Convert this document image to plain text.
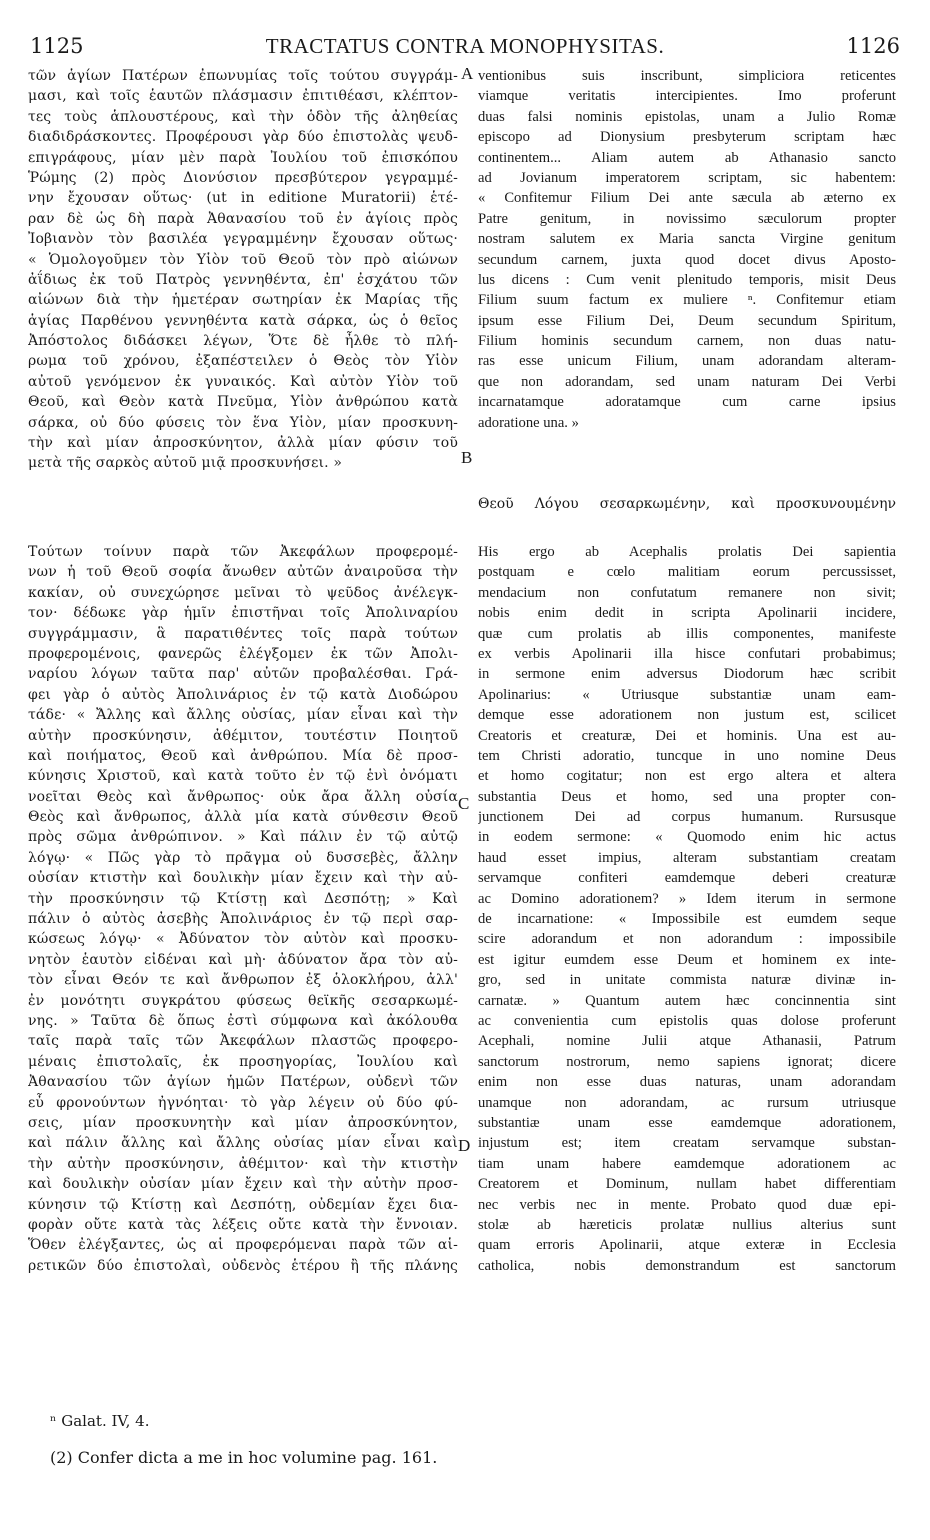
1125	TRACTATUS CONTRA MONOPHYSITAS.	1126
τῶν ἁγίων Πατέρων ἐπωνυμίας τοῖς τούτου συγγράμ-
μασι, καὶ τοῖς ἑαυτῶν πλάσμασιν ἐπιτιθέασι, κλέπτον-
τες τοὺς ἁπλουστέρους, καὶ τὴν ὁδὸν τῆς ἀληθείας
διαδιδράσκοντες. Προφέρουσι γὰρ δύο ἐπιστολὰς ψευδ-
επιγράφους, μίαν μὲν παρὰ Ἰουλίου τοῦ ἐπισκόπου
Ῥώμης (2) πρὸς Διονύσιον πρεσβύτερον γεγραμμέ-
νην ἔχουσαν οὕτως· (ut in editione Muratorii) ἑτέ-
ραν δὲ ὡς δὴ παρὰ Ἀθανασίου τοῦ ἐν ἁγίοις πρὸς
Ἰοβιανὸν τὸν βασιλέα γεγραμμένην ἔχουσαν οὕτως·
« Ὁμολογοῦμεν τὸν Υἱὸν τοῦ Θεοῦ τὸν πρὸ αἰώνων
ἀΐδιως ἐκ τοῦ Πατρὸς γεννηθέντα, ἐπ' ἐσχάτου τῶν
αἰώνων διὰ τὴν ἡμετέραν σωτηρίαν ἐκ Μαρίας τῆς
ἁγίας Παρθένου γεννηθέντα κατὰ σάρκα, ὡς ὁ θεῖος
Ἀπόστολος διδάσκει λέγων, Ὅτε δὲ ἦλθε τὸ πλή-
ρωμα τοῦ χρόνου, ἐξαπέστειλεν ὁ Θεὸς τὸν Υἱὸν
αὐτοῦ γενόμενον ἐκ γυναικός. Καὶ αὐτὸν Υἱὸν τοῦ
Θεοῦ, καὶ Θεὸν κατὰ Πνεῦμα, Υἱὸν ἀνθρώπου κατὰ
σάρκα, οὐ δύο φύσεις τὸν ἕνα Υἱὸν, μίαν προσκυνη-
τὴν καὶ μίαν ἀπροσκύνητον, ἀλλὰ μίαν φύσιν τοῦ
μετὰ τῆς σαρκὸς αὐτοῦ μιᾷ προσκυνήσει. »
ventionibus suis inscribunt, simpliciora reticentes
viamque veritatis intercipientes. Imo proferunt
duas falsi nominis epistolas, unam a Julio Romæ
episcopo ad Dionysium presbyterum scriptam hæc
continentem... Aliam autem ab Athanasio sancto
ad Jovianum imperatorem scriptam, sic habentem:
« Confitemur Filium Dei ante sæcula ab æterno ex
Patre genitum, in novissimo sæculorum propter
nostram salutem ex Maria sancta Virgine genitum
secundum carnem, juxta quod docet divus Aposto-
lus dicens : Cum venit plenitudo temporis, misit Deus
Filium suum factum ex muliere ⁿ. Confitemur etiam
ipsum esse Filium Dei, Deum secundum Spiritum,
Filium hominis secundum carnem, non duas natu-
ras esse unicum Filium, unam adorandam alteram-
que non adorandam, sed unam naturam Dei Verbi
incarnatamque adoratamque cum carne ipsius
adoratione una. »
Θεοῦ Λόγου σεσαρκωμένην, καὶ προσκυνουμένην
Τούτων τοίνυν παρὰ τῶν Ἀκεφάλων προφερομέ-
νων ἡ τοῦ Θεοῦ σοφία ἄνωθεν αὐτῶν ἀναιροῦσα τὴν
κακίαν, οὐ συνεχώρησε μεῖναι τὸ ψεῦδος ἀνέλεγκ-
τον· δέδωκε γὰρ ἡμῖν ἐπιστῆναι τοῖς Ἀπολιναρίου
συγγράμμασιν, ἃ παρατιθέντες τοῖς παρὰ τούτων
προφερομένοις, φανερῶς ἐλέγξομεν ἐκ τῶν Ἀπολι-
ναρίου λόγων ταῦτα παρ' αὐτῶν προβαλέσθαι. Γρά-
φει γὰρ ὁ αὐτὸς Ἀπολινάριος ἐν τῷ κατὰ Διοδώρου
τάδε· « Ἄλλης καὶ ἄλλης οὐσίας, μίαν εἶναι καὶ τὴν
αὐτὴν προσκύνησιν, ἀθέμιτον, τουτέστιν Ποιητοῦ
καὶ ποιήματος, Θεοῦ καὶ ἀνθρώπου. Μία δὲ προσ-
κύνησις Χριστοῦ, καὶ κατὰ τοῦτο ἐν τῷ ἑνὶ ὀνόματι
νοεῖται Θεὸς καὶ ἄνθρωπος· οὐκ ἄρα ἄλλη οὐσία
Θεὸς καὶ ἄνθρωπος, ἀλλὰ μία κατὰ σύνθεσιν Θεοῦ
πρὸς σῶμα ἀνθρώπινον. » Καὶ πάλιν ἐν τῷ αὐτῷ
λόγῳ· « Πῶς γὰρ τὸ πρᾶγμα οὐ δυσσεβὲς, ἄλλην
οὐσίαν κτιστὴν καὶ δουλικὴν μίαν ἔχειν καὶ τὴν αὐ-
τὴν προσκύνησιν τῷ Κτίστῃ καὶ Δεσπότῃ; » Καὶ
πάλιν ὁ αὐτὸς ἀσεβὴς Ἀπολινάριος ἐν τῷ περὶ σαρ-
κώσεως λόγῳ· « Ἀδύνατον τὸν αὐτὸν καὶ προσκυ-
νητὸν ἑαυτὸν εἰδέναι καὶ μὴ· ἀδύνατον ἄρα τὸν αὐ-
τὸν εἶναι Θεόν τε καὶ ἄνθρωπον ἐξ ὁλοκλήρου, ἀλλ'
ἐν μονότητι συγκράτου φύσεως θεϊκῆς σεσαρκωμέ-
νης. » Ταῦτα δὲ ὅπως ἐστὶ σύμφωνα καὶ ἀκόλουθα
ταῖς παρὰ ταῖς τῶν Ἀκεφάλων πλαστῶς προφερο-
μέναις ἐπιστολαῖς, ἐκ προσηγορίας, Ἰουλίου καὶ
Ἀθανασίου τῶν ἁγίων ἡμῶν Πατέρων, οὐδενὶ τῶν
εὖ φρονούντων ἠγνόηται· τὸ γὰρ λέγειν οὐ δύο φύ-
σεις, μίαν προσκυνητὴν καὶ μίαν ἀπροσκύνητον,
καὶ πάλιν ἄλλης καὶ ἄλλης οὐσίας μίαν εἶναι καὶ
τὴν αὐτὴν προσκύνησιν, ἀθέμιτον· καὶ τὴν κτιστὴν
καὶ δουλικὴν οὐσίαν μίαν ἔχειν καὶ τὴν αὐτὴν προσ-
κύνησιν τῷ Κτίστῃ καὶ Δεσπότῃ, οὐδεμίαν ἔχει δια-
φορὰν οὔτε κατὰ τὰς λέξεις οὔτε κατὰ τὴν ἔννοιαν.
Ὅθεν ἐλέγξαντες, ὡς αἱ προφερόμεναι παρὰ τῶν αἱ-
ρετικῶν δύο ἐπιστολαὶ, οὐδενὸς ἑτέρου ἢ τῆς πλάνης
His ergo ab Acephalis prolatis Dei sapientia
postquam e cœlo malitiam eorum percussisset,
mendacium non confutatum remanere non sivit;
nobis enim dedit in scripta Apolinarii incidere,
quæ cum prolatis ab illis componentes, manifeste
ex verbis Apolinarii illa hisce confutari probabimus;
in sermone enim adversus Diodorum hæc scribit
Apolinarius: « Utriusque substantiæ unam eam-
demque esse adorationem non justum est, scilicet
Creatoris et creaturæ, Dei et hominis. Una est au-
tem Christi adoratio, tuncque in uno nomine Deus
et homo cogitatur; non est ergo altera et altera
substantia Deus et homo, sed una propter con-
junctionem Dei ad corpus humanum. Rursusque
in eodem sermone: « Quomodo enim hic actus
haud esset impius, alteram substantiam creatam
servamque confiteri eamdemque deberi creaturæ
ac Domino adorationem? » Idem iterum in sermone
de incarnatione: « Impossibile est eumdem seque
scire adorandum et non adorandum : impossibile
est igitur eumdem esse Deum et hominem ex inte-
gro, sed in unitate commista naturæ divinæ in-
carnatæ. » Quantum autem hæc concinnentia sint
ac convenientia cum epistolis quas dolose proferunt
Acephali, nomine Julii atque Athanasii, Patrum
sanctorum nostrorum, nemo sapiens ignorat; dicere
enim non esse duas naturas, unam adorandam
unamque non adorandam, ac rursum utriusque
substantiæ unam esse eamdemque adorationem,
injustum est; item creatam servamque substan-
tiam unam habere eamdemque adorationem ac
Creatorem et Dominum, nullam habet differentiam
nec verbis nec in mente. Probato quod duæ epi-
stolæ ab hæreticis prolatæ nullius alterius sunt
quam erroris Apolinarii, atque exteræ in Ecclesia
catholica, nobis demonstrandum est sanctorum
A
B
C
D
ⁿ Galat. IV, 4.
(2) Confer dicta a me in hoc volumine pag. 161.
